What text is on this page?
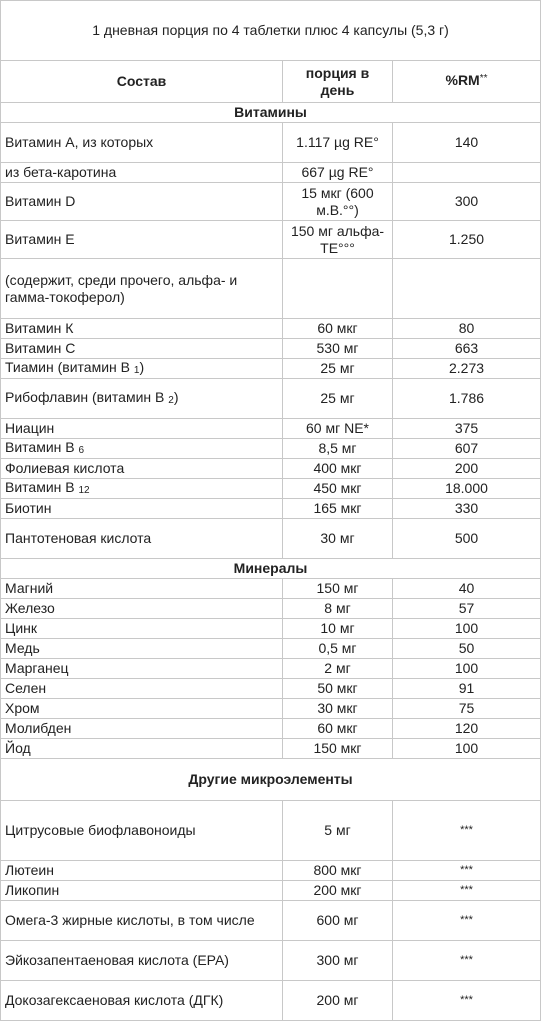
1 дневная порция по 4 таблетки плюс 4 капсулы (5,3 г)		
Состав	порция в день	%RM**
Витамины		
Витамин A, из которых	1.117 µg RE°	140
из бета-каротина	667 µg RE°	
Витамин D	15 мкг (600 м.В.°°)	300
Витамин Е	150 мг альфа-TE°°°	1.250
(содержит, среди прочего, альфа- и гамма-токоферол)		
Витамин К	60 мкг	80
Витамин С	530 мг	663
Тиамин (витамин В 1)	25 мг	2.273
Рибофлавин (витамин В 2)	25 мг	1.786
Ниацин	60 мг NE*	375
Витамин В 6	8,5 мг	607
Фолиевая кислота	400 мкг	200
Витамин В 12	450 мкг	18.000
Биотин	165 мкг	330
Пантотеновая кислота	30 мг	500
Минералы		
Магний	150 мг	40
Железо	8 мг	57
Цинк	10 мг	100
Медь	0,5 мг	50
Марганец	2 мг	100
Селен	50 мкг	91
Хром	30 мкг	75
Молибден	60 мкг	120
Йод	150 мкг	100
Другие микроэлементы		
Цитрусовые биофлавоноиды	5 мг	***
Лютеин	800 мкг	***
Ликопин	200 мкг	***
Омега-3 жирные кислоты, в том числе	600 мг	***
Эйкозапентаеновая кислота (EPA)	300 мг	***
Докозагексаеновая кислота (ДГК)	200 мг	***
